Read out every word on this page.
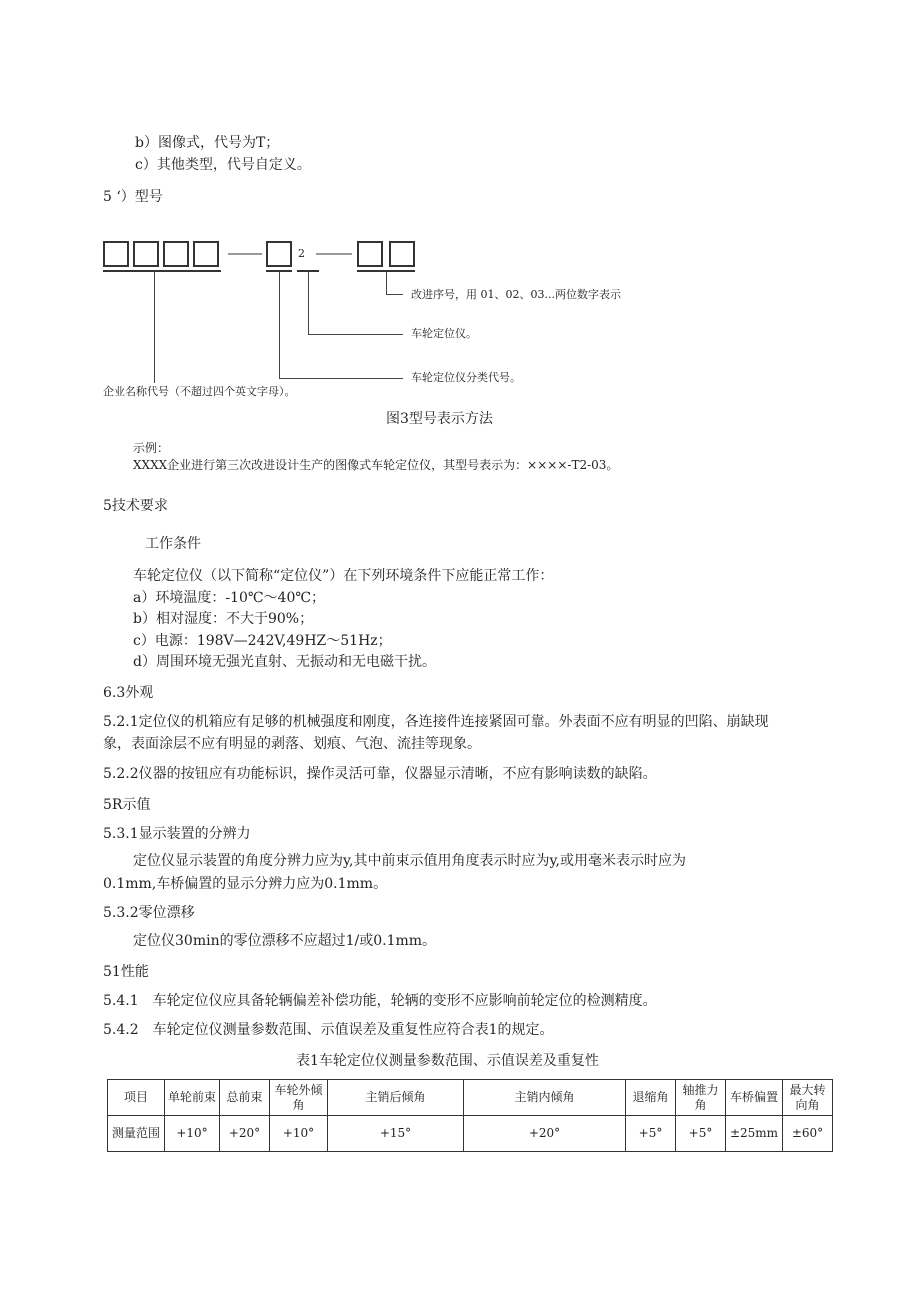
b）图像式，代号为T；
c）其他类型，代号自定义。
5 ‘）型号
2
改进序号，用 01、02、03...两位数字表示
车轮定位仪。
车轮定位仪分类代号。
企业名称代号（不超过四个英文字母）。
图3型号表示方法
示例：
XXXX企业进行第三次改进设计生产的图像式车轮定位仪，其型号表示为：××××-T2-03。
5技术要求
工作条件
车轮定位仪（以下简称“定位仪”）在下列环境条件下应能正常工作：
a）环境温度：-10℃～40℃；
b）相对湿度：不大于90%；
c）电源：198V—242V,49HZ～51Hz；
d）周围环境无强光直射、无振动和无电磁干扰。
6.3外观
5.2.1定位仪的机箱应有足够的机械强度和刚度，各连接件连接紧固可靠。外表面不应有明显的凹陷、崩缺现
象，表面涂层不应有明显的剥落、划痕、气泡、流挂等现象。
5.2.2仪器的按钮应有功能标识，操作灵活可靠，仪器显示清晰，不应有影响读数的缺陷。
5R示值
5.3.1显示装置的分辨力
定位仪显示装置的角度分辨力应为y,其中前束示值用角度表示时应为y,或用毫米表示时应为
0.1mm,车桥偏置的显示分辨力应为0.1mm。
5.3.2零位漂移
定位仪30min的零位漂移不应超过1/或0.1mm。
51性能
5.4.1　车轮定位仪应具备轮辆偏差补偿功能，轮辆的变形不应影响前轮定位的检测精度。
5.4.2　车轮定位仪测量参数范围、示值误差及重复性应符合表1的规定。
表1车轮定位仪测量参数范围、示值误差及重复性
项目	单轮前束	总前束	车轮外倾角	主销后倾角	主销内倾角	退缩角	轴推力角	车桥偏置	最大转向角
测量范围	+10°	+20°	+10°	+15°	+20°	+5°	+5°	±25mm	±60°
